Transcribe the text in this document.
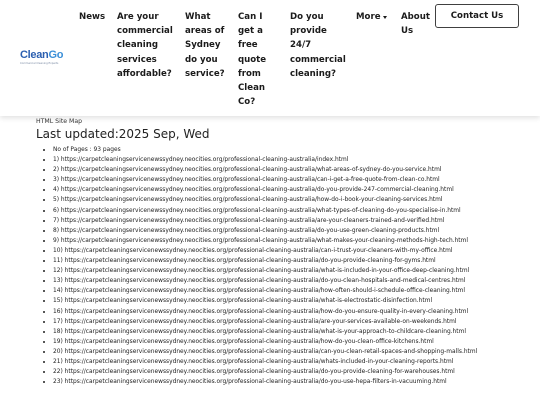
CleanGo
Commercial Cleaning Experts
News	Are your commercial cleaning services affordable?
What areas of Sydney do you service?
Can I get a free quote from Clean Co?
Do you provide 24/7 commercial cleaning?
More About Us
Contact Us
HTML Site Map
Last updated:2025 Sep, Wed
• No of Pages : 93 pages
• 1) https://carpetcleaningservicenewssydney.neocities.org/professional-cleaning-australia/index.html
• 2) https://carpetcleaningservicenewssydney.neocities.org/professional-cleaning-australia/what-areas-of-sydney-do-you-service.html
• 3) https://carpetcleaningservicenewssydney.neocities.org/professional-cleaning-australia/can-i-get-a-free-quote-from-clean-co.html
• 4) https://carpetcleaningservicenewssydney.neocities.org/professional-cleaning-australia/do-you-provide-247-commercial-cleaning.html
• 5) https://carpetcleaningservicenewssydney.neocities.org/professional-cleaning-australia/how-do-i-book-your-cleaning-services.html
• 6) https://carpetcleaningservicenewssydney.neocities.org/professional-cleaning-australia/what-types-of-cleaning-do-you-specialise-in.html
• 7) https://carpetcleaningservicenewssydney.neocities.org/professional-cleaning-australia/are-your-cleaners-trained-and-verified.html
• 8) https://carpetcleaningservicenewssydney.neocities.org/professional-cleaning-australia/do-you-use-green-cleaning-products.html
• 9) https://carpetcleaningservicenewssydney.neocities.org/professional-cleaning-australia/what-makes-your-cleaning-methods-high-tech.html
• 10) https://carpetcleaningservicenewssydney.neocities.org/professional-cleaning-australia/can-i-trust-your-cleaners-with-my-office.html
• 11) https://carpetcleaningservicenewssydney.neocities.org/professional-cleaning-australia/do-you-provide-cleaning-for-gyms.html
• 12) https://carpetcleaningservicenewssydney.neocities.org/professional-cleaning-australia/what-is-included-in-your-office-deep-cleaning.html
• 13) https://carpetcleaningservicenewssydney.neocities.org/professional-cleaning-australia/do-you-clean-hospitals-and-medical-centres.html
• 14) https://carpetcleaningservicenewssydney.neocities.org/professional-cleaning-australia/how-often-should-i-schedule-office-cleaning.html
• 15) https://carpetcleaningservicenewssydney.neocities.org/professional-cleaning-australia/what-is-electrostatic-disinfection.html
• 16) https://carpetcleaningservicenewssydney.neocities.org/professional-cleaning-australia/how-do-you-ensure-quality-in-every-cleaning.html
• 17) https://carpetcleaningservicenewssydney.neocities.org/professional-cleaning-australia/are-your-services-available-on-weekends.html
• 18) https://carpetcleaningservicenewssydney.neocities.org/professional-cleaning-australia/what-is-your-approach-to-childcare-cleaning.html
• 19) https://carpetcleaningservicenewssydney.neocities.org/professional-cleaning-australia/how-do-you-clean-office-kitchens.html
• 20) https://carpetcleaningservicenewssydney.neocities.org/professional-cleaning-australia/can-you-clean-retail-spaces-and-shopping-malls.html
• 21) https://carpetcleaningservicenewssydney.neocities.org/professional-cleaning-australia/whats-included-in-your-cleaning-reports.html
• 22) https://carpetcleaningservicenewssydney.neocities.org/professional-cleaning-australia/do-you-provide-cleaning-for-warehouses.html
• 23) https://carpetcleaningservicenewssydney.neocities.org/professional-cleaning-australia/do-you-use-hepa-filters-in-vacuuming.html
